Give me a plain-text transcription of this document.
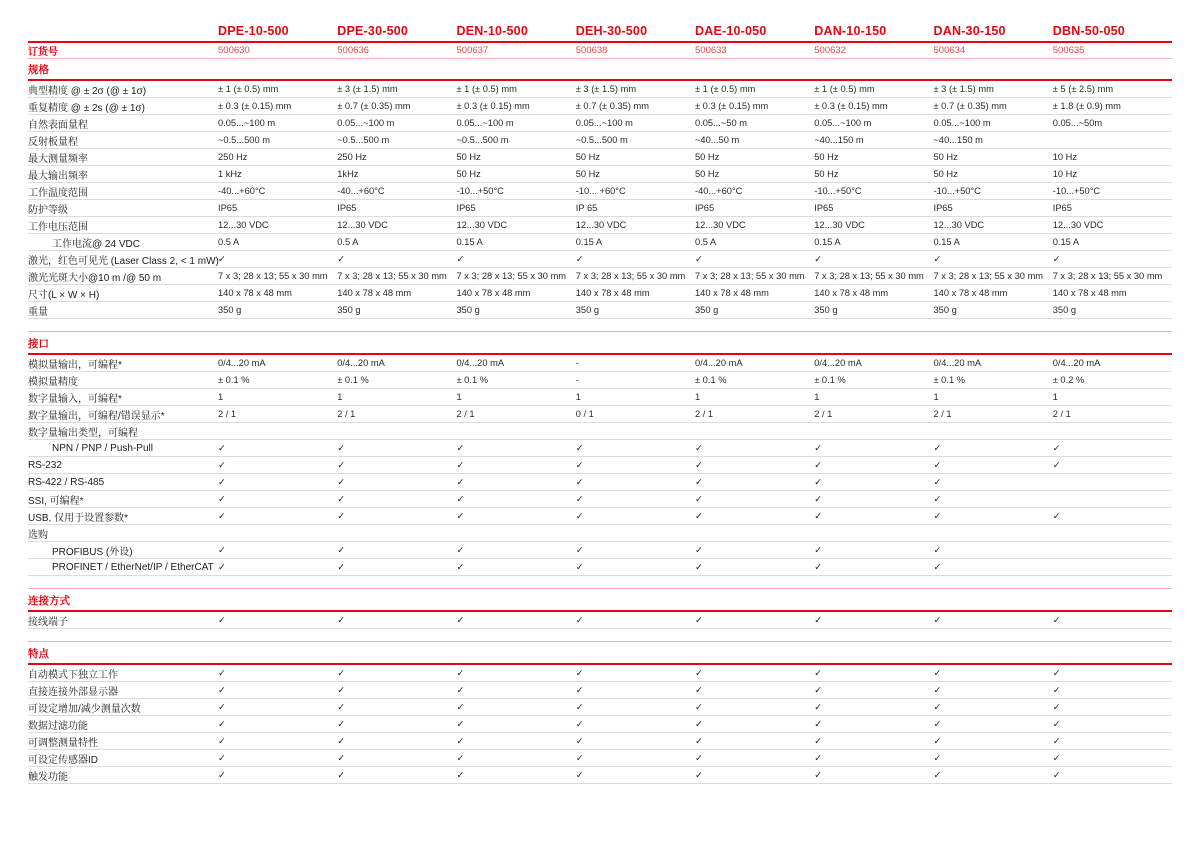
DPE-10-500	DPE-30-500	DEN-10-500	DEH-30-500	DAE-10-050	DAN-10-150	DAN-30-150	DBN-50-050
订货号	500630	500636	500637	500638	500633	500632	500634	500635
规格
典型精度 @ ± 2σ (@ ± 1σ)	± 1 (± 0.5) mm	± 3 (± 1.5) mm	± 1 (± 0.5) mm	± 3 (± 1.5) mm	± 1 (± 0.5) mm	± 1 (± 0.5) mm	± 3 (± 1.5) mm	± 5 (± 2.5) mm
重复精度 @ ± 2s (@ ± 1σ)	± 0.3 (± 0.15) mm	± 0.7 (± 0.35) mm	± 0.3 (± 0.15) mm	± 0.7 (± 0.35) mm	± 0.3 (± 0.15) mm	± 0.3 (± 0.15) mm	± 0.7 (± 0.35) mm	± 1.8 (± 0.9) mm
自然表面量程	0.05...~100 m	0.05...~100 m	0.05...~100 m	0.05...~100 m	0.05...~50 m	0.05...~100 m	0.05...~100 m	0.05...~50m
反射板量程	~0.5...500 m	~0.5...500 m	~0.5...500 m	~0.5...500 m	~40...50 m	~40...150 m	~40...150 m
最大测量频率	250 Hz	250 Hz	50 Hz	50 Hz	50 Hz	50 Hz	50 Hz	10 Hz
最大输出频率	1 kHz	1kHz	50 Hz	50 Hz	50 Hz	50 Hz	50 Hz	10 Hz
工作温度范围	-40...+60°C	-40...+60°C	-10...+50°C	-10... +60°C	-40...+60°C	-10...+50°C	-10...+50°C	-10...+50°C
防护等级	IP65	IP65	IP65	IP 65	IP65	IP65	IP65	IP65
工作电压范围	12...30 VDC	12...30 VDC	12...30 VDC	12...30 VDC	12...30 VDC	12...30 VDC	12...30 VDC	12...30 VDC
工作电流@ 24 VDC	0.5 A	0.5 A	0.15 A	0.15 A	0.5 A	0.15 A	0.15 A	0.15 A
激光，红色可见光 (Laser Class 2, < 1 mW) ✓	✓	✓	✓	✓	✓	✓	✓
激光光斑大小@10 m /@ 50 m	7 x 3; 28 x 13; 55 x 30 mm	7 x 3; 28 x 13; 55 x 30 mm	7 x 3; 28 x 13; 55 x 30 mm	7 x 3; 28 x 13; 55 x 30 mm	7 x 3; 28 x 13; 55 x 30 mm	7 x 3; 28 x 13; 55 x 30 mm	7 x 3; 28 x 13; 55 x 30 mm	7 x 3; 28 x 13; 55 x 30 mm
尺寸(L × W × H)	140 x 78 x 48 mm	140 x 78 x 48 mm	140 x 78 x 48 mm	140 x 78 x 48 mm	140 x 78 x 48 mm	140 x 78 x 48 mm	140 x 78 x 48 mm	140 x 78 x 48 mm
重量	350 g	350 g	350 g	350 g	350 g	350 g	350 g	350 g
接口
模拟量输出，可编程*	0/4...20 mA	0/4...20 mA	0/4...20 mA	-	0/4...20 mA	0/4...20 mA	0/4...20 mA	0/4...20 mA
模拟量精度	± 0.1 %	± 0.1 %	± 0.1 %	-	± 0.1 %	± 0.1 %	± 0.1 %	± 0.2 %
数字量输入，可编程*	1	1	1	1	1	1	1	1
数字量输出，可编程/错误显示*	2 / 1	2 / 1	2 / 1	0 / 1	2 / 1	2 / 1	2 / 1	2 / 1
数字量输出类型，可编程
NPN / PNP / Push-Pull	✓	✓	✓	✓	✓	✓	✓	✓
RS-232	✓	✓	✓	✓	✓	✓	✓	✓
RS-422 / RS-485	✓	✓	✓	✓	✓	✓	✓
SSI, 可编程*	✓	✓	✓	✓	✓	✓	✓
USB, 仅用于设置参数*	✓	✓	✓	✓	✓	✓	✓	✓
选购
PROFIBUS (外设)	✓	✓	✓	✓	✓	✓	✓
PROFINET / EtherNet/IP / EtherCAT ✓	✓	✓	✓	✓	✓	✓
连接方式
接线端子	✓	✓	✓	✓	✓	✓	✓	✓
特点
自动模式下独立工作	✓	✓	✓	✓	✓	✓	✓	✓
直接连接外部显示器	✓	✓	✓	✓	✓	✓	✓	✓
可设定增加/减少测量次数	✓	✓	✓	✓	✓	✓	✓	✓
数据过滤功能	✓	✓	✓	✓	✓	✓	✓	✓
可调整测量特性	✓	✓	✓	✓	✓	✓	✓	✓
可设定传感器ID	✓	✓	✓	✓	✓	✓	✓	✓
触发功能	✓	✓	✓	✓	✓	✓	✓	✓
